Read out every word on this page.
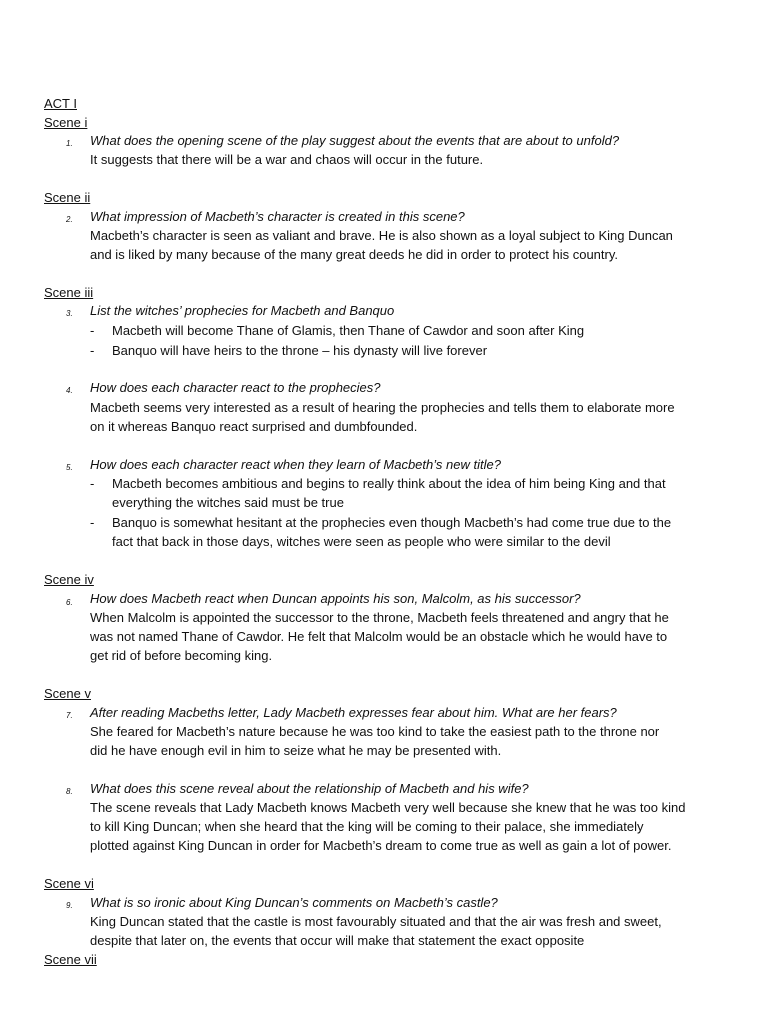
ACT I
Scene i
1. What does the opening scene of the play suggest about the events that are about to unfold?
It suggests that there will be a war and chaos will occur in the future.
Scene ii
2. What impression of Macbeth’s character is created in this scene?
Macbeth’s character is seen as valiant and brave. He is also shown as a loyal subject to King Duncan
and is liked by many because of the many great deeds he did in order to protect his country.
Scene iii
3. List the witches’ prophecies for Macbeth and Banquo
- Macbeth will become Thane of Glamis, then Thane of Cawdor and soon after King
- Banquo will have heirs to the throne – his dynasty will live forever
4. How does each character react to the prophecies?
Macbeth seems very interested as a result of hearing the prophecies and tells them to elaborate more
on it whereas Banquo react surprised and dumbfounded.
5. How does each character react when they learn of Macbeth’s new title?
- Macbeth becomes ambitious and begins to really think about the idea of him being King and that
everything the witches said must be true
- Banquo is somewhat hesitant at the prophecies even though Macbeth’s had come true due to the
fact that back in those days, witches were seen as people who were similar to the devil
Scene iv
6. How does Macbeth react when Duncan appoints his son, Malcolm, as his successor?
When Malcolm is appointed the successor to the throne, Macbeth feels threatened and angry that he
was not named Thane of Cawdor. He felt that Malcolm would be an obstacle which he would have to
get rid of before becoming king.
Scene v
7. After reading Macbeths letter, Lady Macbeth expresses fear about him. What are her fears?
She feared for Macbeth’s nature because he was too kind to take the easiest path to the throne nor
did he have enough evil in him to seize what he may be presented with.
8. What does this scene reveal about the relationship of Macbeth and his wife?
The scene reveals that Lady Macbeth knows Macbeth very well because she knew that he was too kind
to kill King Duncan; when she heard that the king will be coming to their palace, she immediately
plotted against King Duncan in order for Macbeth’s dream to come true as well as gain a lot of power.
Scene vi
9. What is so ironic about King Duncan’s comments on Macbeth’s castle?
King Duncan stated that the castle is most favourably situated and that the air was fresh and sweet,
despite that later on, the events that occur will make that statement the exact opposite
Scene vii
